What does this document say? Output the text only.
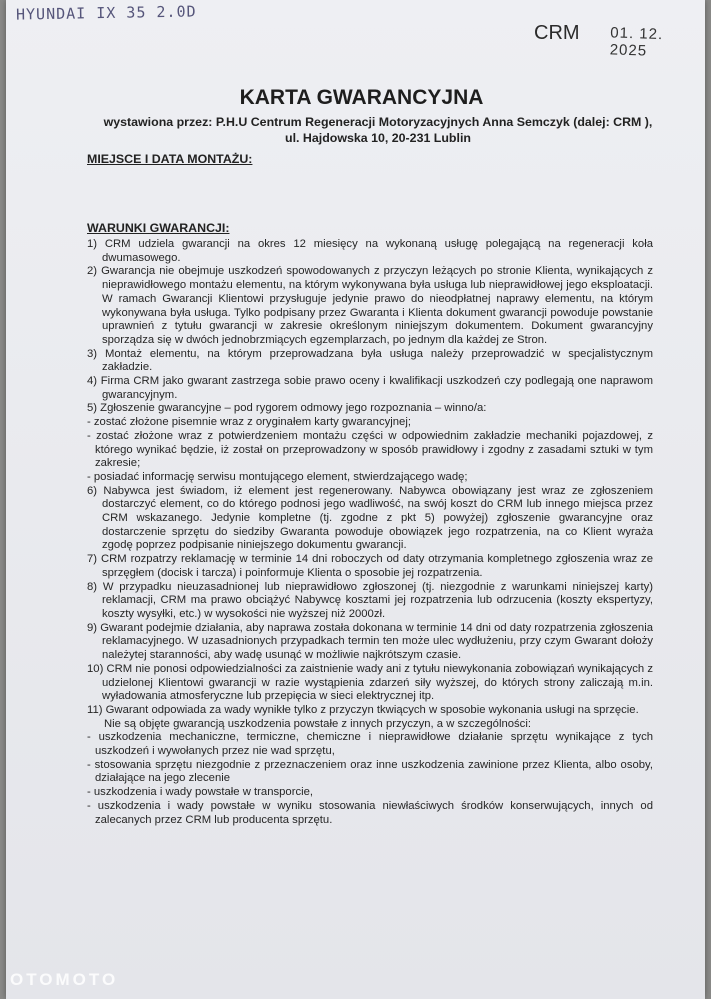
HYUNDAI IX 35 2.0D
CRM 01. 12. 2025
KARTA GWARANCYJNA
wystawiona przez: P.H.U Centrum Regeneracji Motoryzacyjnych Anna Semczyk (dalej: CRM ), ul. Hajdowska 10, 20-231 Lublin
MIEJSCE I DATA MONTAŻU:
WARUNKI GWARANCJI:

1) CRM udziela gwarancji na okres 12 miesięcy na wykonaną usługę polegającą na regeneracji koła dwumasowego.

2) Gwarancja nie obejmuje uszkodzeń spowodowanych z przyczyn leżących po stronie Klienta, wynikających z nieprawidłowego montażu elementu, na którym wykonywana była usługa lub nieprawidłowej jego eksploatacji. W ramach Gwarancji Klientowi przysługuje jedynie prawo do nieodpłatnej naprawy elementu, na którym wykonywana była usługa. Tylko podpisany przez Gwaranta i Klienta dokument gwarancji powoduje powstanie uprawnień z tytułu gwarancji w zakresie określonym niniejszym dokumentem. Dokument gwarancyjny sporządza się w dwóch jednobrzmiących egzemplarzach, po jednym dla każdej ze Stron.

3) Montaż elementu, na którym przeprowadzana była usługa należy przeprowadzić w specjalistycznym zakładzie.

4) Firma CRM jako gwarant zastrzega sobie prawo oceny i kwalifikacji uszkodzeń czy podlegają one naprawom gwarancyjnym.

5) Zgłoszenie gwarancyjne – pod rygorem odmowy jego rozpoznania – winno/a:

- zostać złożone pisemnie wraz z oryginałem karty gwarancyjnej;

- zostać złożone wraz z potwierdzeniem montażu części w odpowiednim zakładzie mechaniki pojazdowej, z którego wynikać będzie, iż został on przeprowadzony w sposób prawidłowy i zgodny z zasadami sztuki w tym zakresie;

- posiadać informację serwisu montującego element, stwierdzającego wadę;

6) Nabywca jest świadom, iż element jest regenerowany. Nabywca obowiązany jest wraz ze zgłoszeniem dostarczyć element, co do którego podnosi jego wadliwość, na swój koszt do CRM lub innego miejsca przez CRM wskazanego. Jedynie kompletne (tj. zgodne z pkt 5) powyżej) zgłoszenie gwarancyjne oraz dostarczenie sprzętu do siedziby Gwaranta powoduje obowiązek jego rozpatrzenia, na co Klient wyraża zgodę poprzez podpisanie niniejszego dokumentu gwarancji.

7) CRM rozpatrzy reklamację w terminie 14 dni roboczych od daty otrzymania kompletnego zgłoszenia wraz ze sprzęgłem (docisk i tarcza) i poinformuje Klienta o sposobie jej rozpatrzenia.

8) W przypadku nieuzasadnionej lub nieprawidłowo zgłoszonej (tj. niezgodnie z warunkami niniejszej karty) reklamacji, CRM ma prawo obciążyć Nabywcę kosztami jej rozpatrzenia lub odrzucenia (koszty ekspertyzy, koszty wysyłki, etc.) w wysokości nie wyższej niż 2000zł.

9) Gwarant podejmie działania, aby naprawa została dokonana w terminie 14 dni od daty rozpatrzenia zgłoszenia reklamacyjnego. W uzasadnionych przypadkach termin ten może ulec wydłużeniu, przy czym Gwarant dołoży należytej staranności, aby wadę usunąć w możliwie najkrótszym czasie.

10) CRM nie ponosi odpowiedzialności za zaistnienie wady ani z tytułu niewykonania zobowiązań wynikających z udzielonej Klientowi gwarancji w razie wystąpienia zdarzeń siły wyższej, do których strony zaliczają m.in. wyładowania atmosferyczne lub przepięcia w sieci elektrycznej itp.

11) Gwarant odpowiada za wady wynikłe tylko z przyczyn tkwiących w sposobie wykonania usługi na sprzęcie.

Nie są objęte gwarancją uszkodzenia powstałe z innych przyczyn, a w szczególności:

- uszkodzenia mechaniczne, termiczne, chemiczne i nieprawidłowe działanie sprzętu wynikające z tych uszkodzeń i wywołanych przez nie wad sprzętu,

- stosowania sprzętu niezgodnie z przeznaczeniem oraz inne uszkodzenia zawinione przez Klienta, albo osoby, działające na jego zlecenie

- uszkodzenia i wady powstałe w transporcie,

- uszkodzenia i wady powstałe w wyniku stosowania niewłaściwych środków konserwujących, innych od zalecanych przez CRM lub producenta sprzętu.

OTOMOTO
